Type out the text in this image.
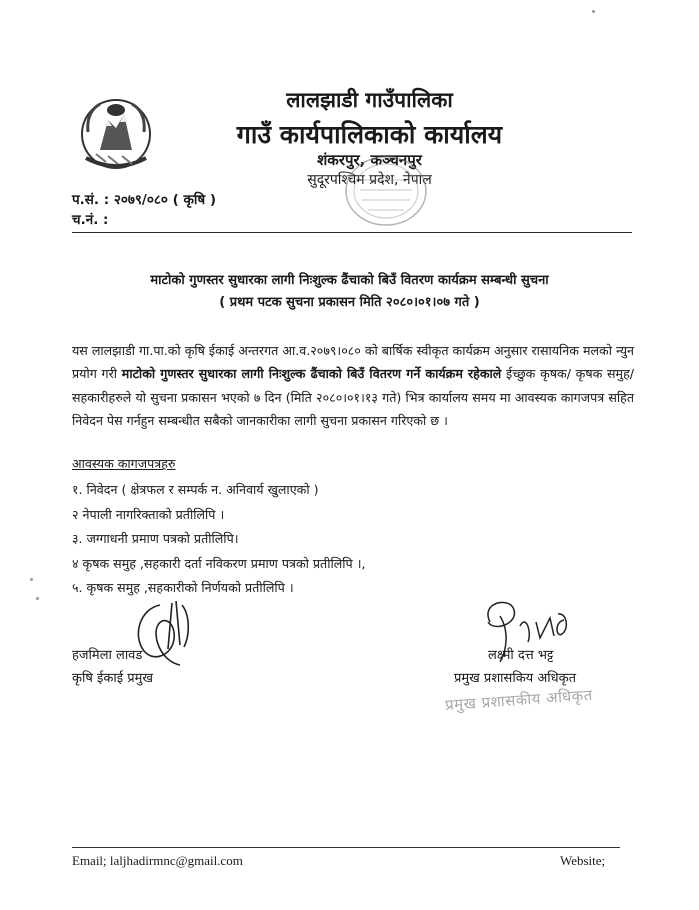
लालझाडी गाउँपालिका
गाउँ कार्यपालिकाको कार्यालय
शंकरपुर, कञ्चनपुर
सुदूरपश्चिम प्रदेश, नेपाल
प.सं. : २०७९/०८० ( कृषि )
च.नं. :
माटोको गुणस्तर सुधारका लागी निःशुल्क ढैंचाको बिउँ वितरण कार्यक्रम सम्बन्धी सुचना
( प्रथम पटक सुचना प्रकासन मिति २०८०।०१।०७ गते )

यस लालझाडी गा.पा.को कृषि ईकाई अन्तरगत आ.व.२०७९।०८० को बार्षिक स्वीकृत कार्यक्रम अनुसार रासायनिक मलको न्युन प्रयोग गरी माटोको गुणस्तर सुधारका लागी निःशुल्क ढैंचाको बिउँ वितरण गर्ने कार्यक्रम रहेकाले ईच्छुक कृषक/ कृषक समुह/सहकारीहरुले यो सुचना प्रकासन भएको ७ दिन (मिति २०८०।०१।१३ गते) भित्र कार्यालय समय मा आवस्यक कागजपत्र सहित निवेदन पेस गर्नहुन सम्बन्धीत सबैको जानकारीका लागी सुचना प्रकासन गरिएको छ ।

आवस्यक कागजपत्रहरु
१. निवेदन ( क्षेत्रफल र सम्पर्क न. अनिवार्य खुलाएको )
२ नेपाली नागरिक्ताको प्रतीलिपि ।
३. जग्गाधनी प्रमाण पत्रको प्रतीलिपि।
४ कृषक समुह ,सहकारी दर्ता नविकरण प्रमाण पत्रको प्रतीलिपि ।,
५. कृषक समुह ,सहकारीको निर्णयको प्रतीलिपि ।
हजमिला लावड
कृषि ईकाई प्रमुख
लक्ष्मी दत्त भट्ट
प्रमुख प्रशासकिय अधिकृत
प्रमुख प्रशासकीय अधिकृत
Email; laljhadirmnc@gmail.com	Website;
